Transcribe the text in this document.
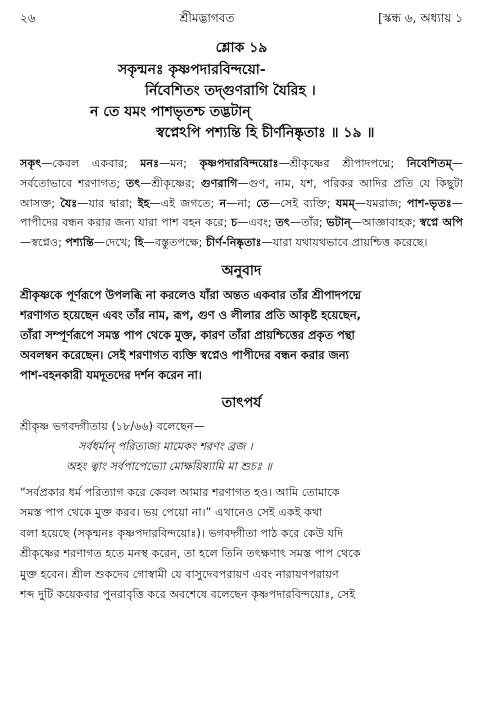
২৬	শ্রীমদ্ভাগবত	[স্কন্ধ ৬, অধ্যায় ১
শ্লোক ১৯
সকৃন্মনঃ কৃষ্ণপদারবিন্দয়ো-
র্নিবেশিতং তদ্গুণরাগি যৈরিহ ।
ন তে যমং পাশভৃতশ্চ তদ্ভটান্
স্বপ্নেঽপি পশ্যন্তি হি চীর্ণনিষ্কৃতাঃ ॥ ১৯ ॥
সকৃৎ—কেবল একবার; মনঃ—মন; কৃষ্ণপদারবিন্দয়োঃ—শ্রীকৃষ্ণের শ্রীপাদপদ্মে; নিবেশিতম্—সর্বতোভাবে শরণাগত; তৎ—শ্রীকৃষ্ণের; গুণরাগি—গুণ, নাম, যশ, পরিকর আদির প্রতি যে কিছুটা আসক্ত; যৈঃ—যার দ্বারা; ইহ—এই জগতে; ন—না; তে—সেই ব্যক্তি; যমম্—যমরাজ; পাশ-ভৃতঃ—পাপীদের বন্ধন করার জন্য যারা পাশ বহন করে; চ—এবং; তৎ—তাঁর; ভটান্—আজ্ঞাবাহক; স্বপ্নে অপি—স্বপ্নেও; পশ্যন্তি—দেখে; হি—বস্তুতপক্ষে; চীর্ণ-নিষ্কৃতাঃ—যারা যথাযথভাবে প্রায়শ্চিত্ত করেছে।
অনুবাদ
শ্রীকৃষ্ণকে পূর্ণরূপে উপলব্ধি না করলেও যাঁরা অন্তত একবার তাঁর শ্রীপাদপদ্মে
শরণাগত হয়েছেন এবং তাঁর নাম, রূপ, গুণ ও লীলার প্রতি আকৃষ্ট হয়েছেন,
তাঁরা সম্পূর্ণরূপে সমস্ত পাপ থেকে মুক্ত, কারণ তাঁরা প্রায়শ্চিত্তের প্রকৃত পন্থা
অবলম্বন করেছেন। সেই শরণাগত ব্যক্তি স্বপ্নেও পাপীদের বন্ধন করার জন্য
পাশ-বহনকারী যমদূতদের দর্শন করেন না।
তাৎপর্য
শ্রীকৃষ্ণ ভগবদ্গীতায় (১৮/৬৬) বলেছেন—
সর্বধর্মান্ পরিত্যজ্য মামেকং শরণং ব্রজ ।
অহং ত্বাং সর্বপাপেভ্যো মোক্ষয়িষ্যামি মা শুচঃ ॥
“সর্বপ্রকার ধর্ম পরিত্যাগ করে কেবল আমার শরণাগত হও। আমি তোমাকে
সমস্ত পাপ থেকে মুক্ত করব। ভয় পেয়ো না।” এখানেও সেই একই কথা
বলা হয়েছে (সকৃন্মনঃ কৃষ্ণপদারবিন্দয়োঃ)। ভগবদ্গীতা পাঠ করে কেউ যদি
শ্রীকৃষ্ণের শরণাগত হতে মনস্থ করেন, তা হলে তিনি তৎক্ষণাৎ সমস্ত পাপ থেকে
মুক্ত হবেন। শ্রীল শুকদেব গোস্বামী যে বাসুদেবপরায়ণ এবং নারায়ণপরায়ণ
শব্দ দুটি কয়েকবার পুনরাবৃত্তি করে অবশেষে বলেছেন কৃষ্ণপদারবিন্দয়োঃ, সেই
